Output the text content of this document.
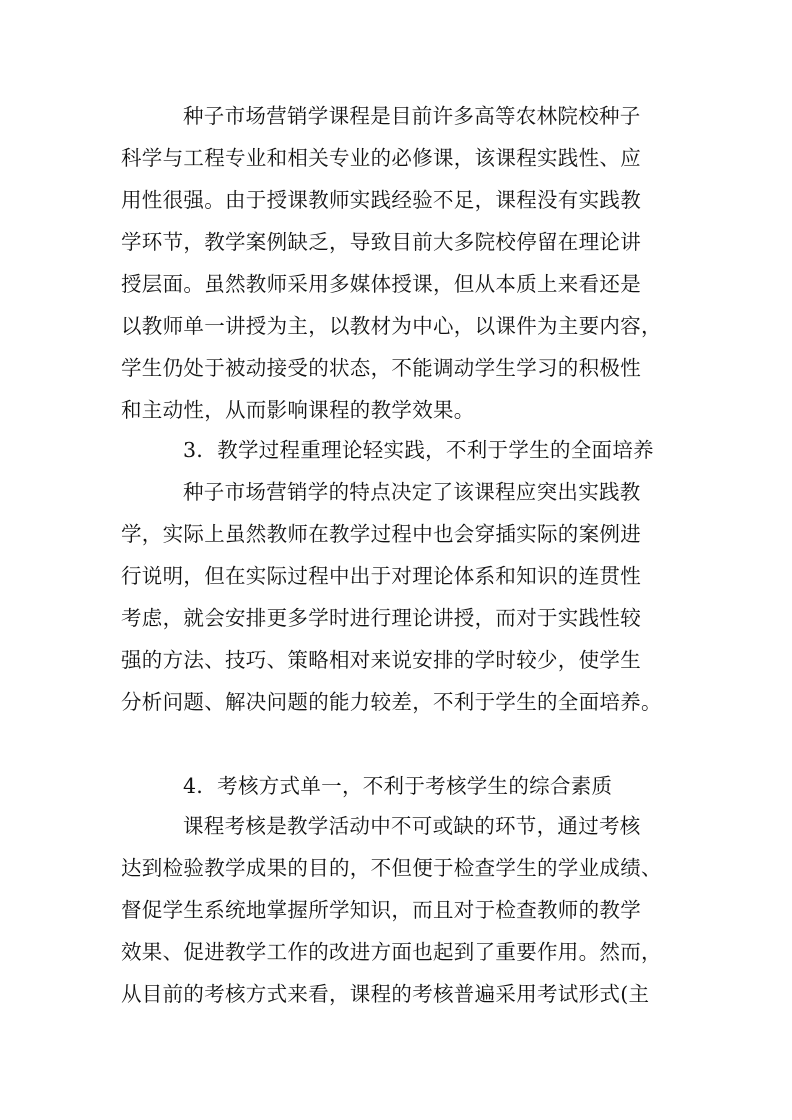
种子市场营销学课程是目前许多高等农林院校种子
科学与工程专业和相关专业的必修课，该课程实践性、应
用性很强。由于授课教师实践经验不足，课程没有实践教
学环节，教学案例缺乏，导致目前大多院校停留在理论讲
授层面。虽然教师采用多媒体授课，但从本质上来看还是
以教师单一讲授为主，以教材为中心，以课件为主要内容，
学生仍处于被动接受的状态，不能调动学生学习的积极性
和主动性，从而影响课程的教学效果。
3．教学过程重理论轻实践，不利于学生的全面培养
种子市场营销学的特点决定了该课程应突出实践教
学，实际上虽然教师在教学过程中也会穿插实际的案例进
行说明，但在实际过程中出于对理论体系和知识的连贯性
考虑，就会安排更多学时进行理论讲授，而对于实践性较
强的方法、技巧、策略相对来说安排的学时较少，使学生
分析问题、解决问题的能力较差，不利于学生的全面培养。
4．考核方式单一，不利于考核学生的综合素质
课程考核是教学活动中不可或缺的环节，通过考核
达到检验教学成果的目的，不但便于检查学生的学业成绩、
督促学生系统地掌握所学知识，而且对于检查教师的教学
效果、促进教学工作的改进方面也起到了重要作用。然而，
从目前的考核方式来看，课程的考核普遍采用考试形式(主
